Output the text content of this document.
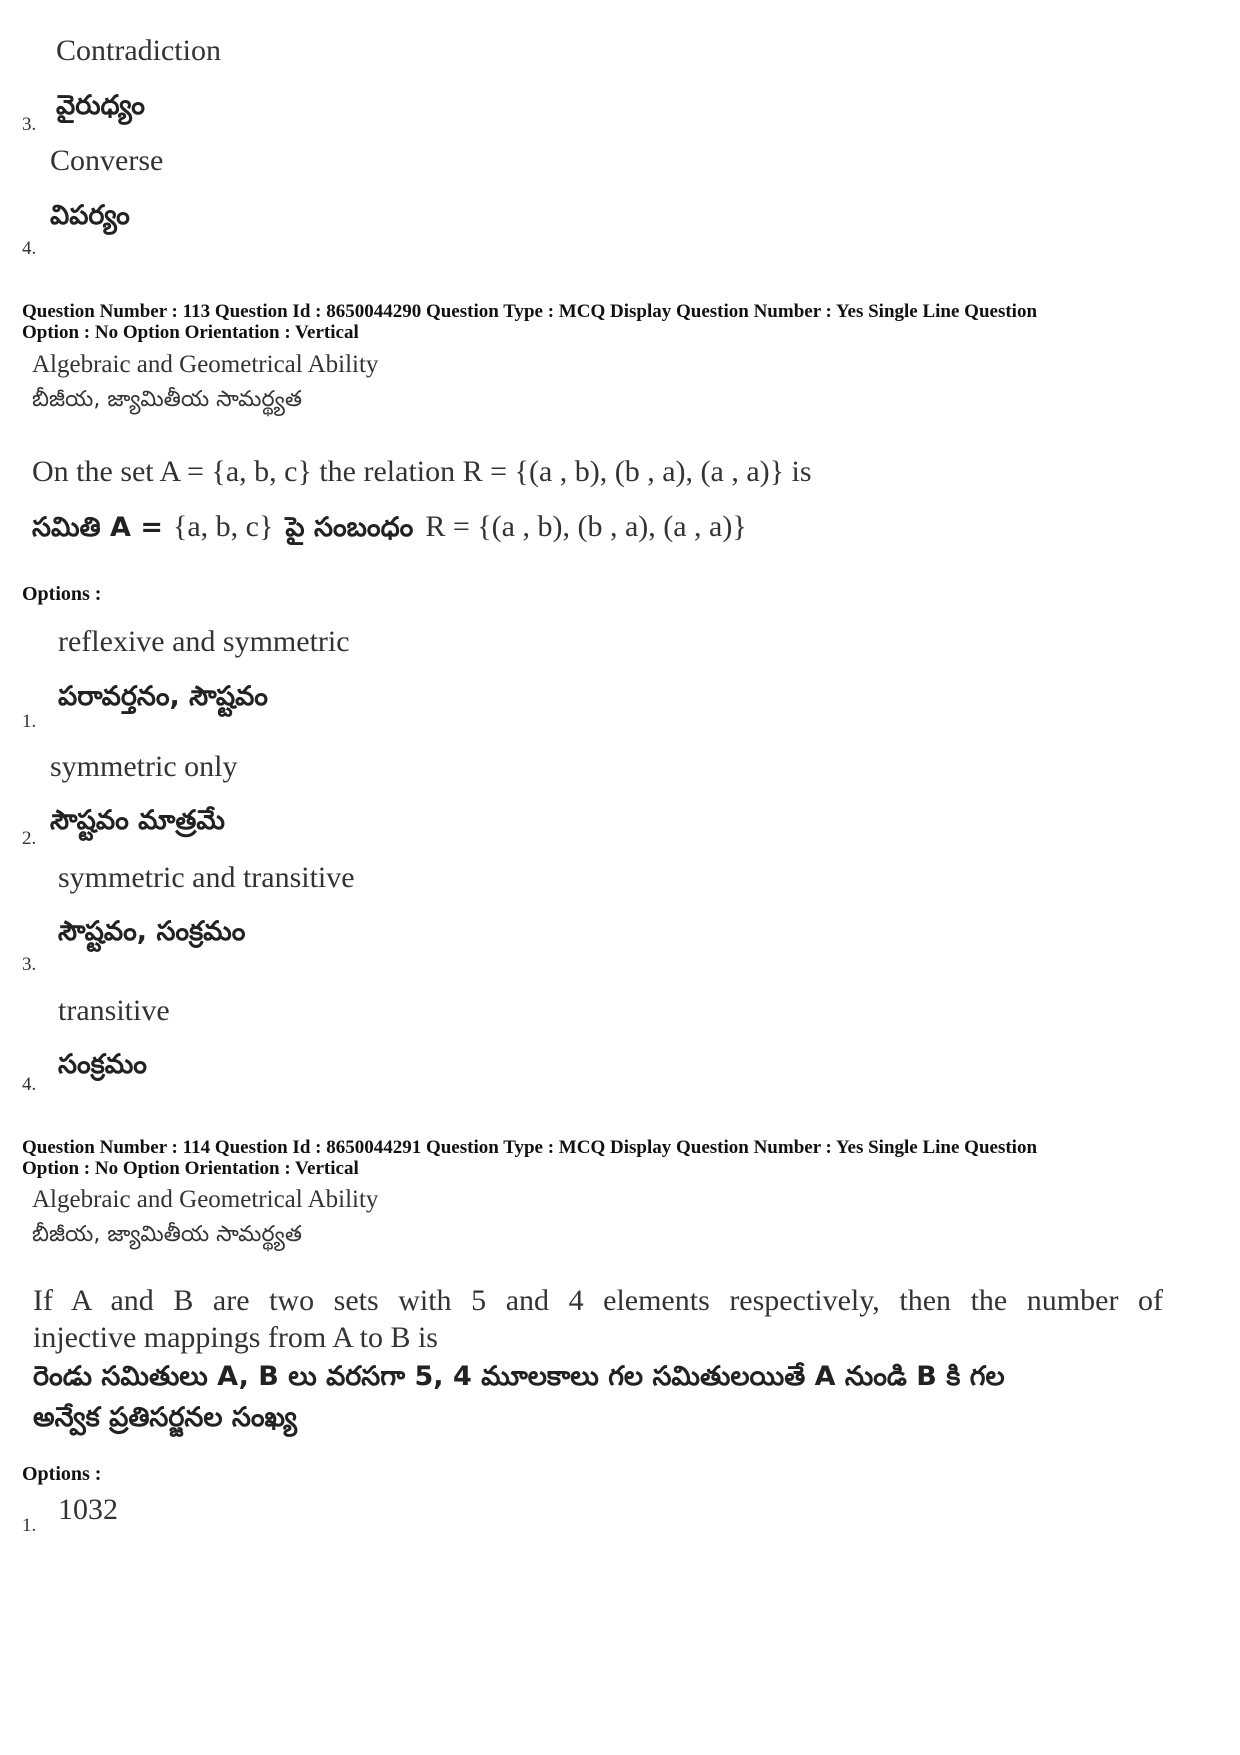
Contradiction
వైరుధ్యం
3.
Converse
విపర్యం
4.
Question Number : 113 Question Id : 8650044290 Question Type : MCQ Display Question Number : Yes Single Line Question
Option : No Option Orientation : Vertical
Algebraic and Geometrical Ability
బీజీయ, జ్యామితీయ సామర్థ్యత
On the set A = {a, b, c} the relation R = {(a , b), (b , a), (a , a)} is
సమితి A = {a, b, c} పై సంబంధం R = {(a , b), (b , a), (a , a)}
Options :
reflexive and symmetric
పరావర్తనం, సౌష్టవం
1.
symmetric only
సౌష్టవం మాత్రమే
2.
symmetric and transitive
సౌష్టవం, సంక్రమం
3.
transitive
సంక్రమం
4.
Question Number : 114 Question Id : 8650044291 Question Type : MCQ Display Question Number : Yes Single Line Question
Option : No Option Orientation : Vertical
Algebraic and Geometrical Ability
బీజీయ, జ్యామితీయ సామర్థ్యత
If A and B are two sets with 5 and 4 elements respectively, then the number of
injective mappings from A to B is
రెండు సమితులు A, B లు వరసగా 5, 4 మూలకాలు గల సమితులయితే A నుండి B కి గల
అన్వేక ప్రతిసర్జనల సంఖ్య
Options :
1032
1.
